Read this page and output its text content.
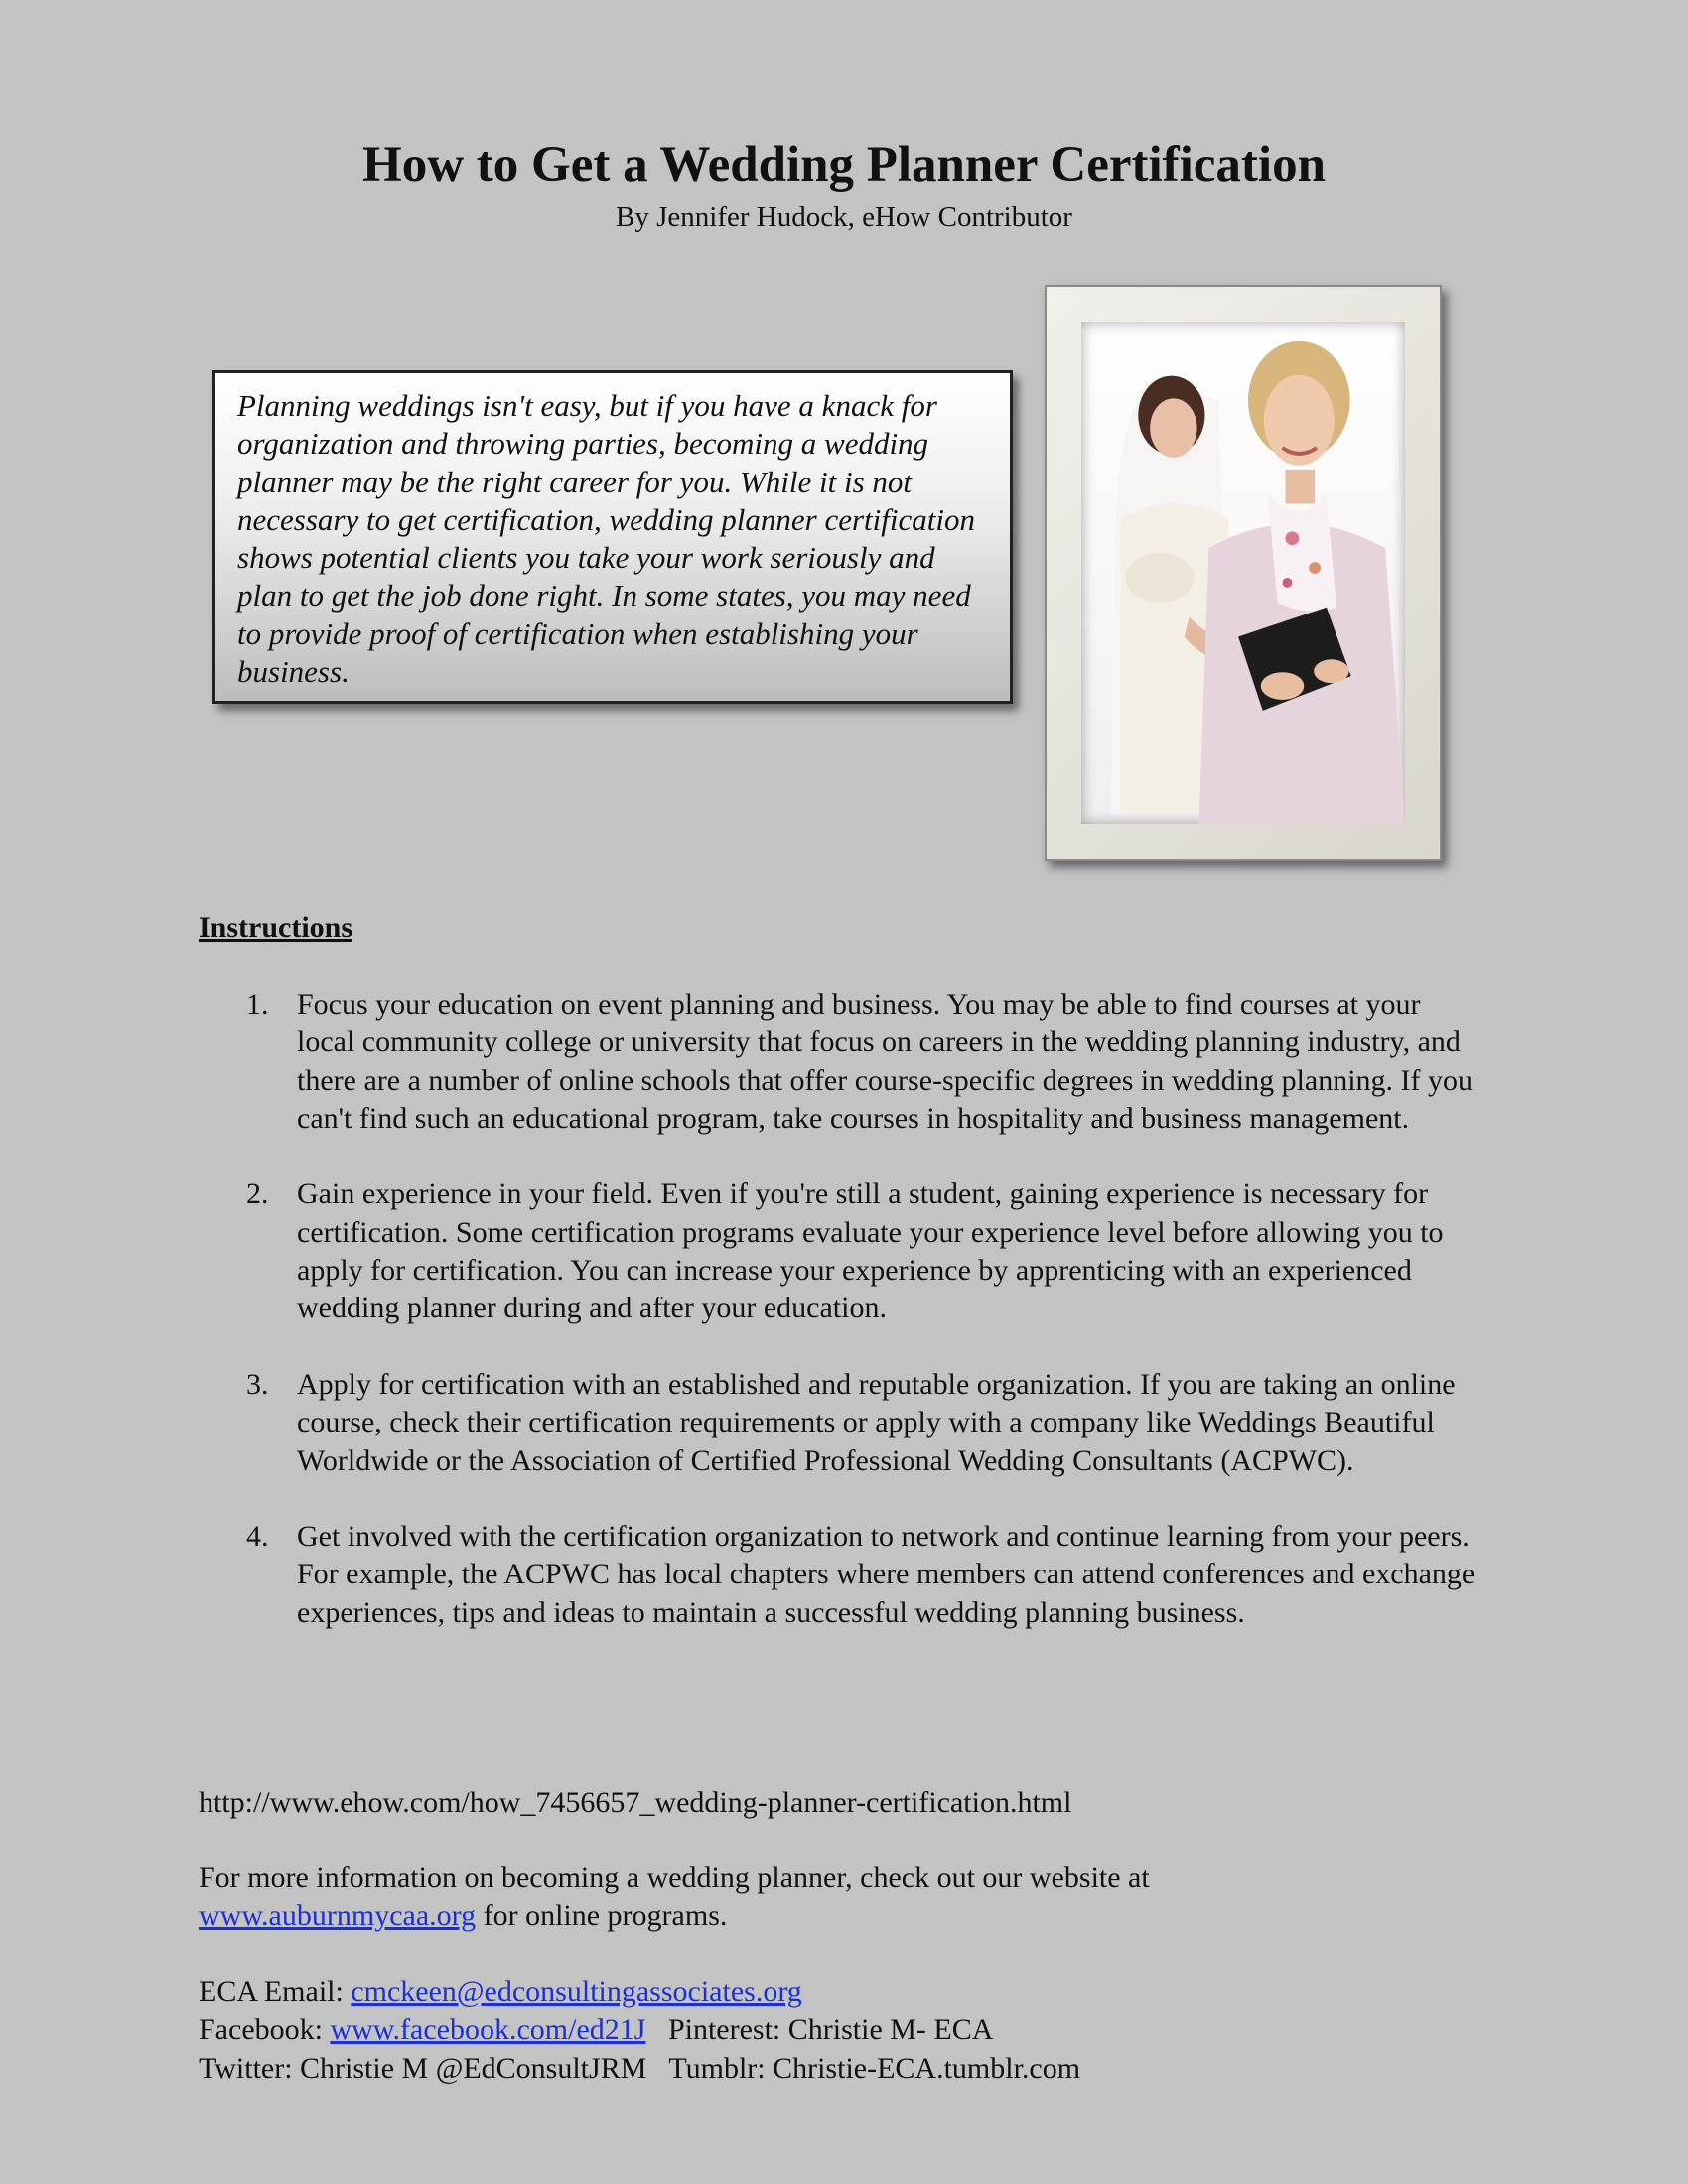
How to Get a Wedding Planner Certification
By Jennifer Hudock, eHow Contributor
Planning weddings isn't easy, but if you have a knack for organization and throwing parties, becoming a wedding planner may be the right career for you. While it is not necessary to get certification, wedding planner certification shows potential clients you take your work seriously and plan to get the job done right. In some states, you may need to provide proof of certification when establishing your business.
Instructions
1. Focus your education on event planning and business. You may be able to find courses at your local community college or university that focus on careers in the wedding planning industry, and there are a number of online schools that offer course-specific degrees in wedding planning. If you can't find such an educational program, take courses in hospitality and business management.
2. Gain experience in your field. Even if you're still a student, gaining experience is necessary for certification. Some certification programs evaluate your experience level before allowing you to apply for certification. You can increase your experience by apprenticing with an experienced wedding planner during and after your education.
3. Apply for certification with an established and reputable organization. If you are taking an online course, check their certification requirements or apply with a company like Weddings Beautiful Worldwide or the Association of Certified Professional Wedding Consultants (ACPWC).
4. Get involved with the certification organization to network and continue learning from your peers. For example, the ACPWC has local chapters where members can attend conferences and exchange experiences, tips and ideas to maintain a successful wedding planning business.
http://www.ehow.com/how_7456657_wedding-planner-certification.html
For more information on becoming a wedding planner, check out our website at
www.auburnmycaa.org for online programs.
ECA Email: cmckeen@edconsultingassociates.org
Facebook: www.facebook.com/ed21J   Pinterest: Christie M- ECA
Twitter: Christie M @EdConsultJRM   Tumblr: Christie-ECA.tumblr.com
